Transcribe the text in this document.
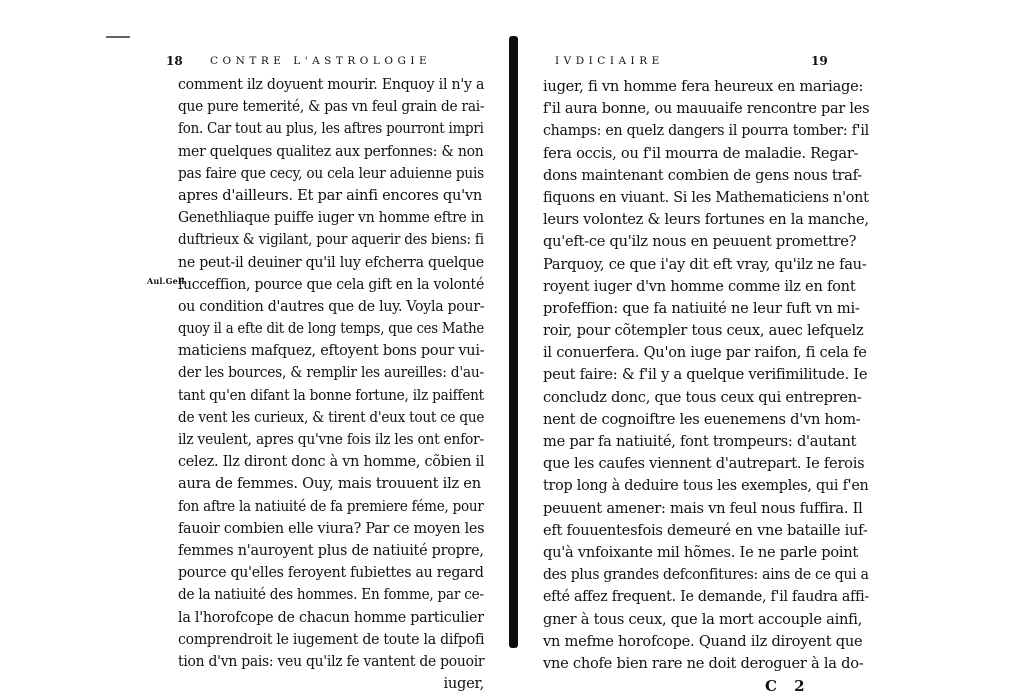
18	CONTRE L'ASTROLOGIE
Aul.Gell.
comment ilz doyuent mourir. Enquoy il n'y a
que pure temerité, & pas vn feul grain de rai-
fon. Car tout au plus, les aftres pourront impri
mer quelques qualitez aux perfonnes: & non
pas faire que cecy, ou cela leur aduienne puis
apres d'ailleurs. Et par ainfi encores qu'vn
Genethliaque puiffe iuger vn homme eftre in
duftrieux & vigilant, pour aquerir des biens: fi
ne peut-il deuiner qu'il luy efcherra quelque
fucceffion, pource que cela gift en la volonté
ou condition d'autres que de luy. Voyla pour-
quoy il a efte dit de long temps, que ces Mathe
maticiens mafquez, eftoyent bons pour vui-
der les bources, & remplir les aureilles: d'au-
tant qu'en difant la bonne fortune, ilz paiffent
de vent les curieux, & tirent d'eux tout ce que
ilz veulent, apres qu'vne fois ilz les ont enfor-
celez. Ilz diront donc à vn homme, cõbien il
aura de femmes. Ouy, mais trouuent ilz en
fon aftre la natiuité de fa premiere féme, pour
fauoir combien elle viura? Par ce moyen les
femmes n'auroyent plus de natiuité propre,
pource qu'elles feroyent fubiettes au regard
de la natiuité des hommes. En fomme, par ce-
la l'horofcope de chacun homme particulier
comprendroit le iugement de toute la difpofi
tion d'vn pais: veu qu'ilz fe vantent de pouoir

iuger,
IVDICIAIRE	19
iuger, fi vn homme fera heureux en mariage:
f'il aura bonne, ou mauuaife rencontre par les
champs: en quelz dangers il pourra tomber: f'il
fera occis, ou f'il mourra de maladie. Regar-
dons maintenant combien de gens nous traf-
fiquons en viuant. Si les Mathematiciens n'ont
leurs volontez & leurs fortunes en la manche,
qu'eft-ce qu'ilz nous en peuuent promettre?
Parquoy, ce que i'ay dit eft vray, qu'ilz ne fau-
royent iuger d'vn homme comme ilz en font
profeffion: que fa natiuité ne leur fuft vn mi-
roir, pour cõtempler tous ceux, auec lefquelz
il conuerfera. Qu'on iuge par raifon, fi cela fe
peut faire: & f'il y a quelque verifimilitude. Ie
concludz donc, que tous ceux qui entrepren-
nent de cognoiftre les euenemens d'vn hom-
me par fa natiuité, font trompeurs: d'autant
que les caufes viennent d'autrepart. Ie ferois
trop long à deduire tous les exemples, qui f'en
peuuent amener: mais vn feul nous fuffira. Il
eft fouuentesfois demeuré en vne bataille iuf-
qu'à vnfoixante mil hõmes. Ie ne parle point
des plus grandes defconfitures: ains de ce qui a
efté affez frequent. Ie demande, f'il faudra affi-
gner à tous ceux, que la mort accouple ainfi,
vn mefme horofcope. Quand ilz diroyent que
vne chofe bien rare ne doit deroguer à la do-

C 2
